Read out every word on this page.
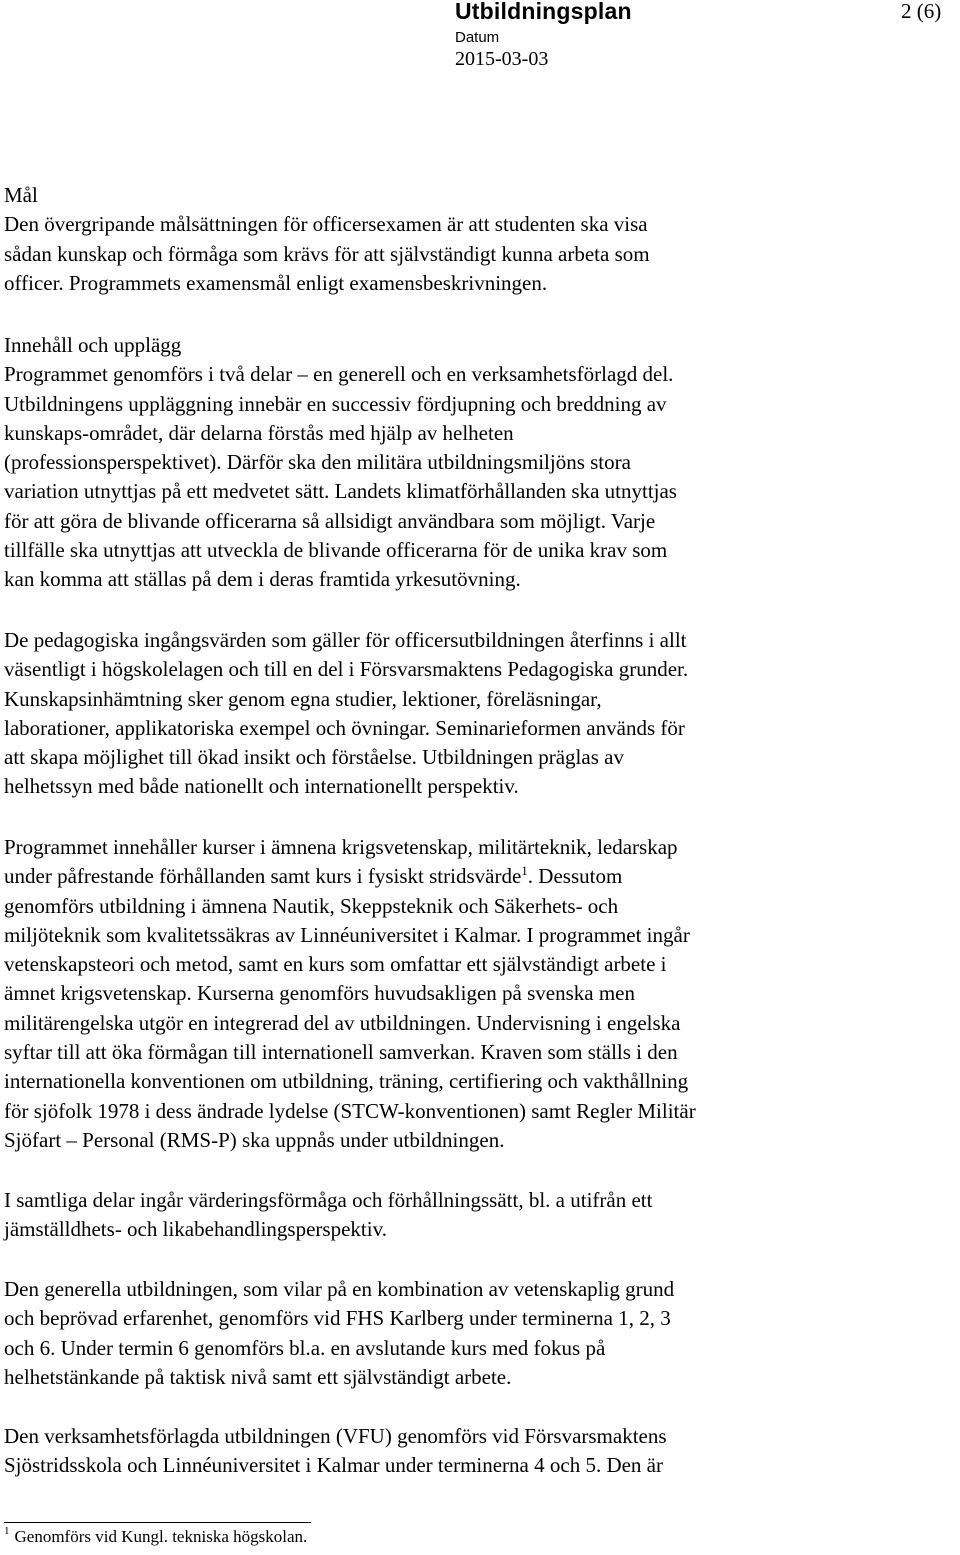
Utbildningsplan	2 (6)
Datum
2015-03-03
Mål
Den övergripande målsättningen för officersexamen är att studenten ska visa
sådan kunskap och förmåga som krävs för att självständigt kunna arbeta som
officer. Programmets examensmål enligt examensbeskrivningen.
Innehåll och upplägg
Programmet genomförs i två delar – en generell och en verksamhetsförlagd del.
Utbildningens uppläggning innebär en successiv fördjupning och breddning av
kunskaps-området, där delarna förstås med hjälp av helheten
(professionsperspektivet). Därför ska den militära utbildningsmiljöns stora
variation utnyttjas på ett medvetet sätt. Landets klimatförhållanden ska utnyttjas
för att göra de blivande officerarna så allsidigt användbara som möjligt. Varje
tillfälle ska utnyttjas att utveckla de blivande officerarna för de unika krav som
kan komma att ställas på dem i deras framtida yrkesutövning.
De pedagogiska ingångsvärden som gäller för officersutbildningen återfinns i allt
väsentligt i högskolelagen och till en del i Försvarsmaktens Pedagogiska grunder.
Kunskapsinhämtning sker genom egna studier, lektioner, föreläsningar,
laborationer, applikatoriska exempel och övningar. Seminarieformen används för
att skapa möjlighet till ökad insikt och förståelse. Utbildningen präglas av
helhetssyn med både nationellt och internationellt perspektiv.
Programmet innehåller kurser i ämnena krigsvetenskap, militärteknik, ledarskap
under påfrestande förhållanden samt kurs i fysiskt stridsvärde$^1$. Dessutom
genomförs utbildning i ämnena Nautik, Skeppsteknik och Säkerhets- och
miljöteknik som kvalitetssäkras av Linnéuniversitet i Kalmar. I programmet ingår
vetenskapsteori och metod, samt en kurs som omfattar ett självständigt arbete i
ämnet krigsvetenskap. Kurserna genomförs huvudsakligen på svenska men
militärengelska utgör en integrerad del av utbildningen. Undervisning i engelska
syftar till att öka förmågan till internationell samverkan. Kraven som ställs i den
internationella konventionen om utbildning, träning, certifiering och vakthållning
för sjöfolk 1978 i dess ändrade lydelse (STCW-konventionen) samt Regler Militär
Sjöfart – Personal (RMS-P) ska uppnås under utbildningen.
I samtliga delar ingår värderingsförmåga och förhållningssätt, bl. a utifrån ett
jämställdhets- och likabehandlingsperspektiv.
Den generella utbildningen, som vilar på en kombination av vetenskaplig grund
och beprövad erfarenhet, genomförs vid FHS Karlberg under terminerna 1, 2, 3
och 6. Under termin 6 genomförs bl.a. en avslutande kurs med fokus på
helhetstänkande på taktisk nivå samt ett självständigt arbete.
Den verksamhetsförlagda utbildningen (VFU) genomförs vid Försvarsmaktens
Sjöstridsskola och Linnéuniversitet i Kalmar under terminerna 4 och 5. Den är
$^1$ Genomförs vid Kungl. tekniska högskolan.
